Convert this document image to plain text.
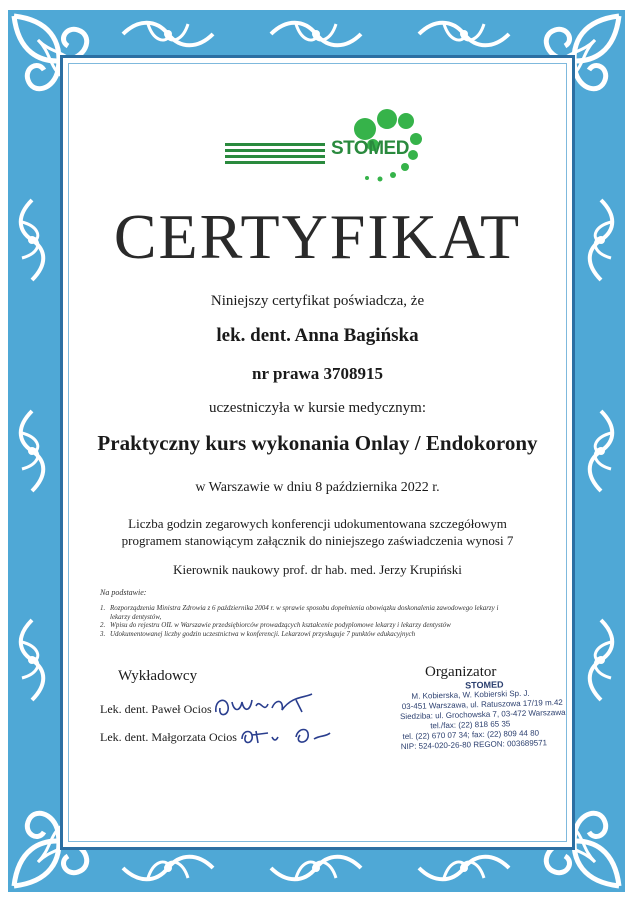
STOMED
CERTYFIKAT
Niniejszy certyfikat poświadcza, że
lek. dent. Anna Bagińska
nr prawa 3708915
uczestniczyła w kursie medycznym:
Praktyczny kurs wykonania Onlay / Endokorony
w Warszawie w dniu 8 października 2022 r.
Liczba godzin zegarowych konferencji udokumentowana szczegółowym
programem stanowiącym załącznik do niniejszego zaświadczenia wynosi 7
Kierownik naukowy prof. dr hab. med. Jerzy Krupiński
Na podstawie:
1. Rozporządzenia Ministra Zdrowia z 6 października 2004 r. w sprawie sposobu dopełnienia obowiązku doskonalenia zawodowego lekarzy i lekarzy dentystów,
2. Wpisu do rejestru OIL w Warszawie przedsiębiorców prowadzących kształcenie podyplomowe lekarzy i lekarzy dentystów
3. Udokumentowanej liczby godzin uczestnictwa w konferencji. Lekarzowi przysługuje 7 punktów edukacyjnych
Wykładowcy
Lek. dent. Paweł Ocios
Lek. dent. Małgorzata Ocios
Organizator
STOMED
M. Kobierska, W. Kobierski Sp. J.
03-451 Warszawa, ul. Ratuszowa 17/19 m.42
Siedziba: ul. Grochowska 7, 03-472 Warszawa
tel./fax: (22) 818 65 35
tel. (22) 670 07 34; fax: (22) 809 44 80
NIP: 524-020-26-80 REGON: 003689571
